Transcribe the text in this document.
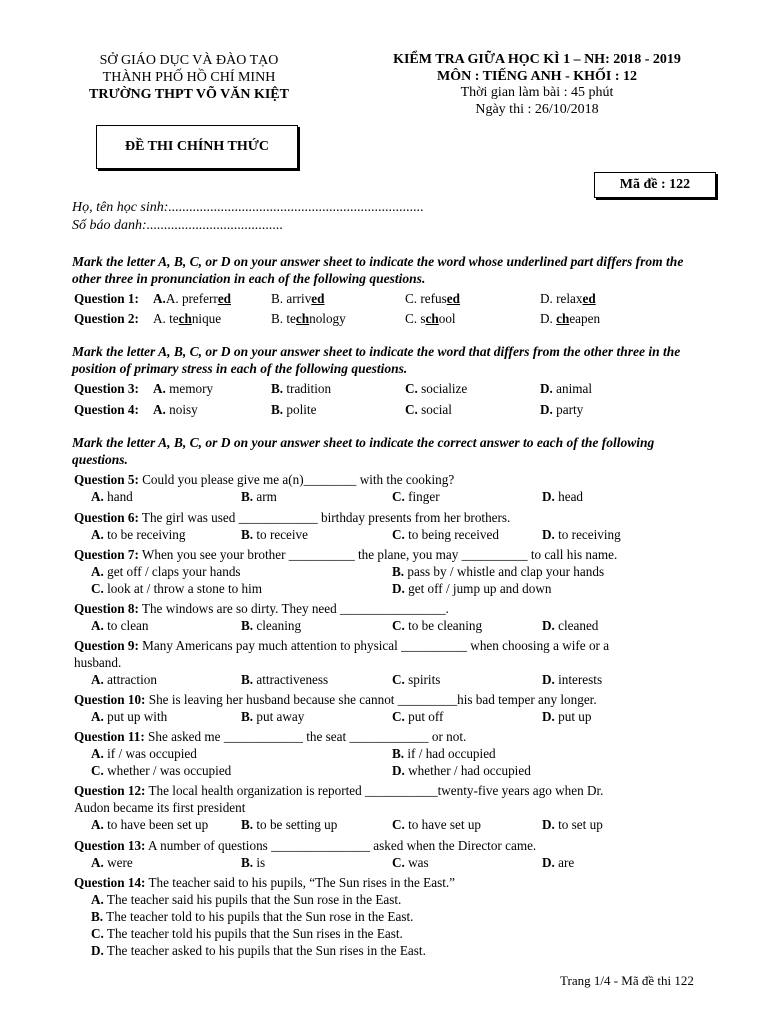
SỞ GIÁO DỤC VÀ ĐÀO TẠO
THÀNH PHỐ HỒ CHÍ MINH
TRƯỜNG THPT VÕ VĂN KIỆT
KIỂM TRA GIỮA HỌC KÌ 1 – NH: 2018 - 2019
MÔN : TIẾNG ANH - KHỐI : 12
Thời gian làm bài : 45 phút
Ngày thi : 26/10/2018
ĐỀ THI CHÍNH THỨC
Mã đề : 122
Họ, tên học sinh:.........................................................................
Số báo danh:.......................................
Mark the letter A, B, C, or D on your answer sheet to indicate the word whose underlined part differs from the other three in pronunciation in each of the following questions.
Question 1: A.A. preferred	B. arrived	C. refused	D. relaxed
Question 2: A. technique	B. technology	C. school	D. cheapen
Mark the letter A, B, C, or D on your answer sheet to indicate the word that differs from the other three in the position of primary stress in each of the following questions.
Question 3: A. memory	B. tradition	C. socialize	D. animal
Question 4: A. noisy	B. polite	C. social	D. party
Mark the letter A, B, C, or D on your answer sheet to indicate the correct answer to each of the following questions.
Question 5: Could you please give me a(n)________ with the cooking?
A. hand	B. arm	C. finger	D. head
Question 6: The girl was used ____________ birthday presents from her brothers.
A. to be receiving	B. to receive	C. to being received	D. to receiving
Question 7: When you see your brother __________ the plane, you may __________ to call his name.
A. get off / claps your hands	B. pass by / whistle and clap your hands
C. look at / throw a stone to him	D. get off / jump up and down
Question 8: The windows are so dirty. They need ________________.
A. to clean	B. cleaning	C. to be cleaning	D. cleaned
Question 9: Many Americans pay much attention to physical __________ when choosing a wife or a
husband.
A. attraction	B. attractiveness	C. spirits	D. interests
Question 10: She is leaving her husband because she cannot _________his bad temper any longer.
A. put up with	B. put away	C. put off	D. put up
Question 11: She asked me ____________ the seat ____________ or not.
A. if / was occupied	B. if / had occupied
C. whether / was occupied	D. whether / had occupied
Question 12: The local health organization is reported ___________twenty-five years ago when Dr.
Audon became its first president
A. to have been set up B. to be setting up	C. to have set up	D. to set up
Question 13: A number of questions _______________ asked when the Director came.
A. were	B. is	C. was	D. are
Question 14: The teacher said to his pupils, “The Sun rises in the East.”
A. The teacher said his pupils that the Sun rose in the East.
B. The teacher told to his pupils that the Sun rose in the East.
C. The teacher told his pupils that the Sun rises in the East.
D. The teacher asked to his pupils that the Sun rises in the East.
Trang 1/4 - Mã đề thi 122
